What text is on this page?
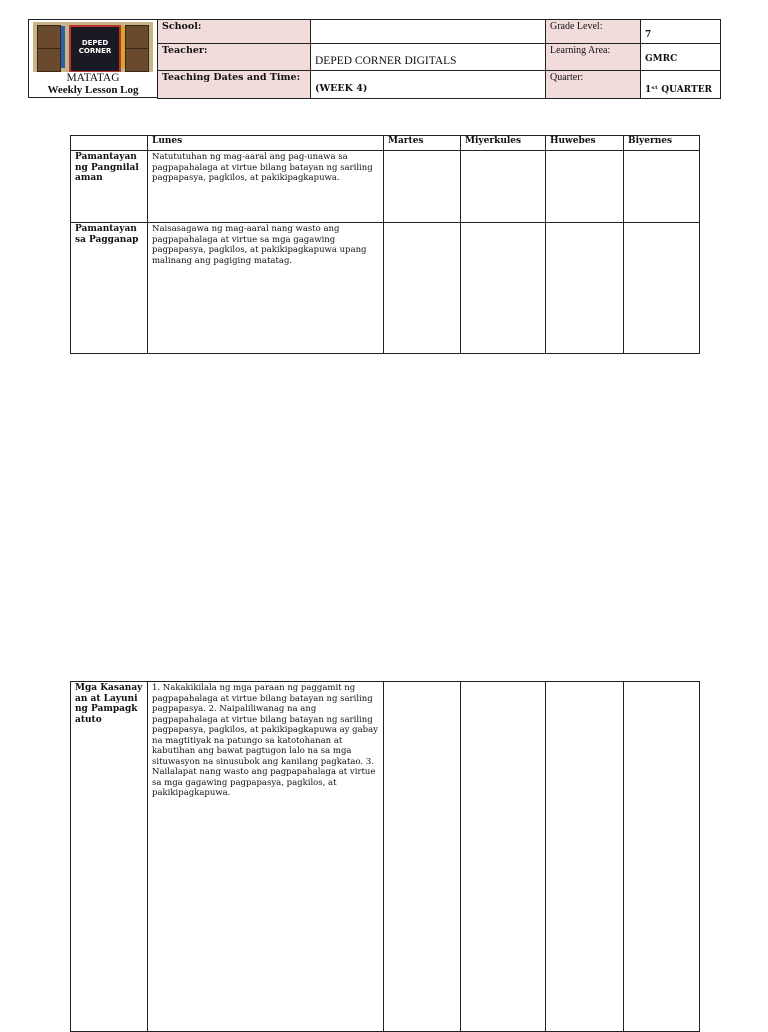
DEPED CORNER
MATATAG
Weekly Lesson Log
School:		Grade Level:	7
Teacher:	DEPED CORNER DIGITALS	Learning Area:	GMRC
Teaching Dates and Time:	(WEEK 4)	Quarter:	1ˢᵗ QUARTER
	Lunes	Martes	Miyerkules	Huwebes	Biyernes
Pamantayan ng Pangnilalaman	Natututuhan ng mag-aaral ang pag-unawa sa pagpapahalaga at virtue bilang batayan ng sariling pagpapasya, pagkilos, at pakikipagkapuwa.				
Pamantayan sa Pagganap	Naisasagawa ng mag-aaral nang wasto ang pagpapahalaga at virtue sa mga gagawing pagpapasya, pagkilos, at pakikipagkapuwa upang malinang ang pagiging matatag.				
Mga Kasanayan at Layuning Pampagkatuto	1. Nakakikilala ng mga paraan ng paggamit ng pagpapahalaga at virtue bilang batayan ng sariling pagpapasya. 2. Naipaliliwanag na ang pagpapahalaga at virtue bilang batayan ng sariling pagpapasya, pagkilos, at pakikipagkapuwa ay gabay na magtitiyak na patungo sa katotohanan at kabutihan ang bawat pagtugon lalo na sa mga situwasyon na sinusubok ang kanilang pagkatao. 3. Nailalapat nang wasto ang pagpapahalaga at virtue sa mga gagawing pagpapasya, pagkilos, at pakikipagkapuwa.				
